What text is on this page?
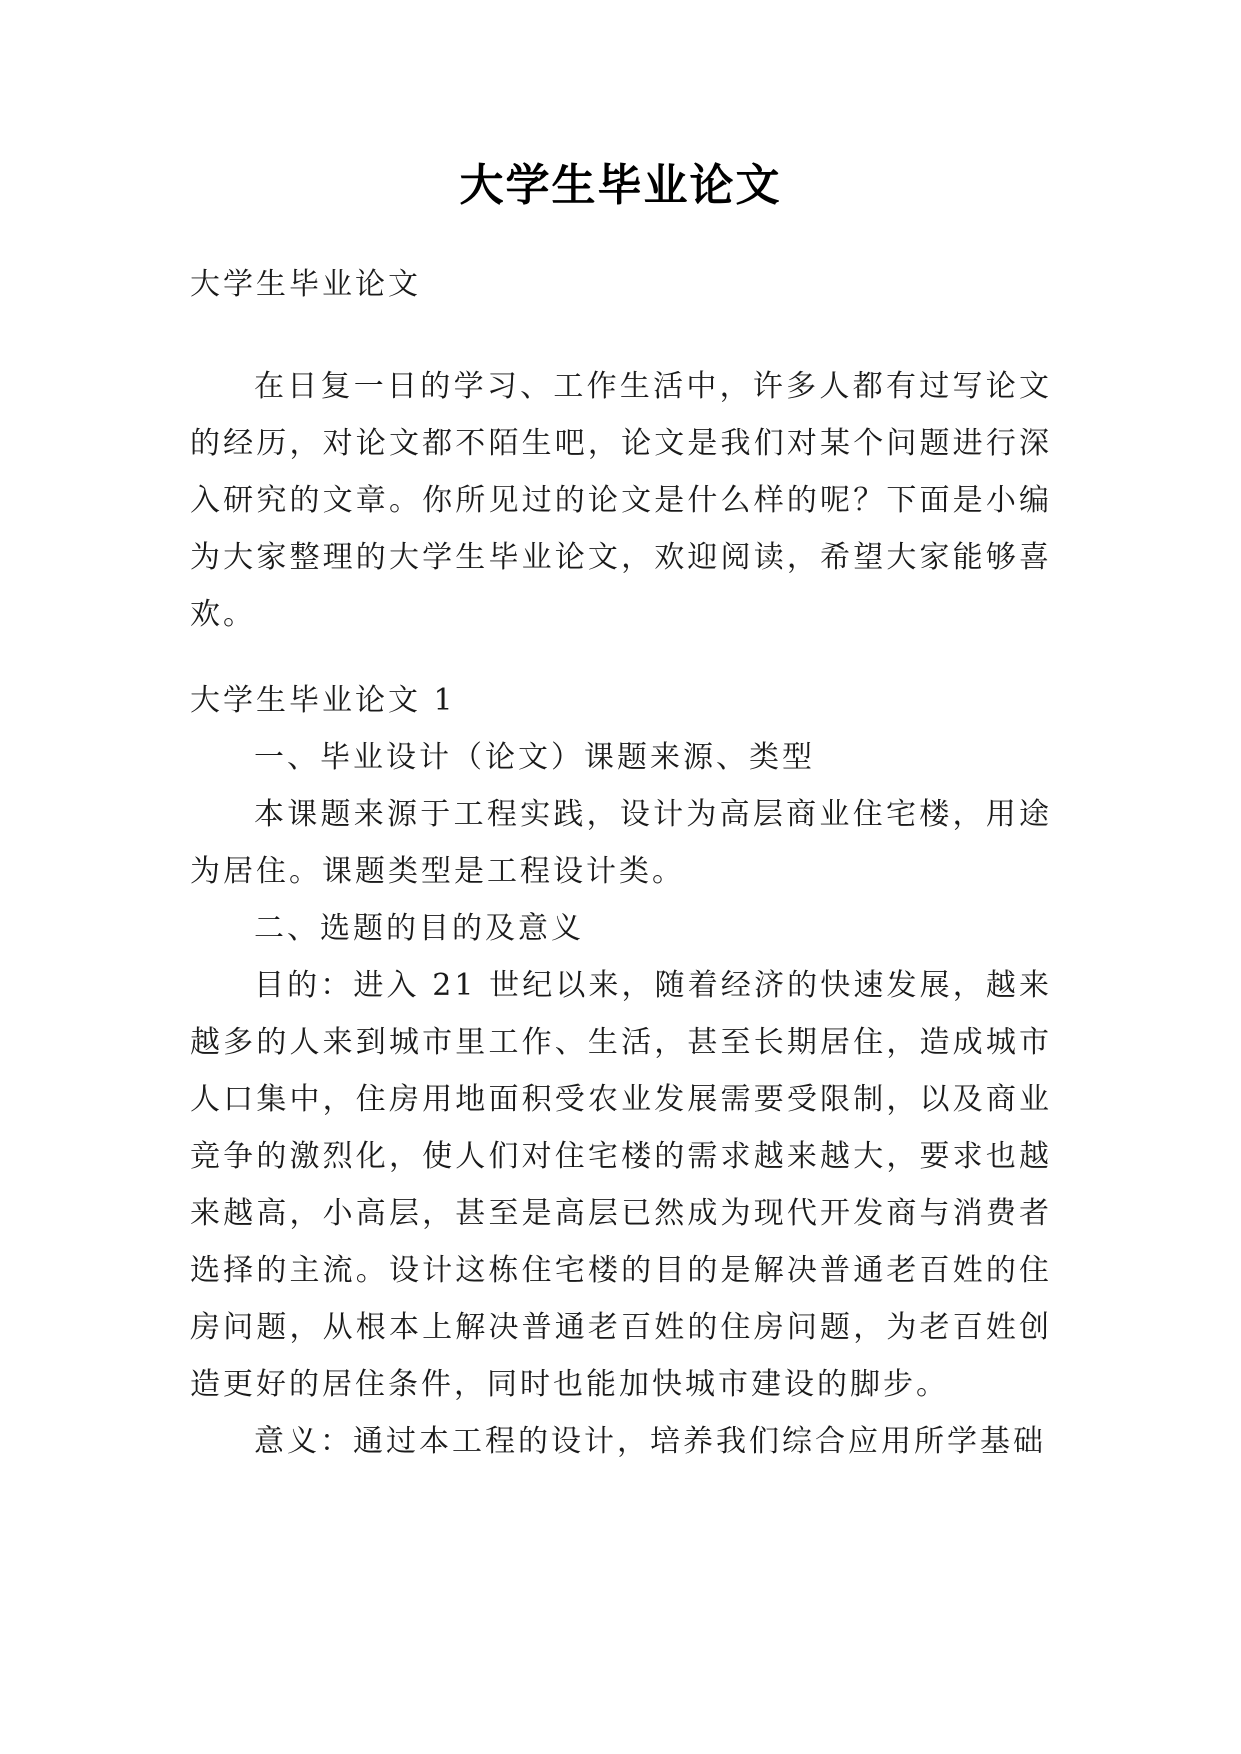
大学生毕业论文
大学生毕业论文
在日复一日的学习、工作生活中，许多人都有过写论文的经历，对论文都不陌生吧，论文是我们对某个问题进行深入研究的文章。你所见过的论文是什么样的呢？下面是小编为大家整理的大学生毕业论文，欢迎阅读，希望大家能够喜欢。
大学生毕业论文 1
一、毕业设计（论文）课题来源、类型
本课题来源于工程实践，设计为高层商业住宅楼，用途为居住。课题类型是工程设计类。
二、选题的目的及意义
目的：进入 21 世纪以来，随着经济的快速发展，越来越多的人来到城市里工作、生活，甚至长期居住，造成城市人口集中，住房用地面积受农业发展需要受限制，以及商业竞争的激烈化，使人们对住宅楼的需求越来越大，要求也越来越高，小高层，甚至是高层已然成为现代开发商与消费者选择的主流。设计这栋住宅楼的目的是解决普通老百姓的住房问题，从根本上解决普通老百姓的住房问题，为老百姓创造更好的居住条件，同时也能加快城市建设的脚步。
意义：通过本工程的设计，培养我们综合应用所学基础
